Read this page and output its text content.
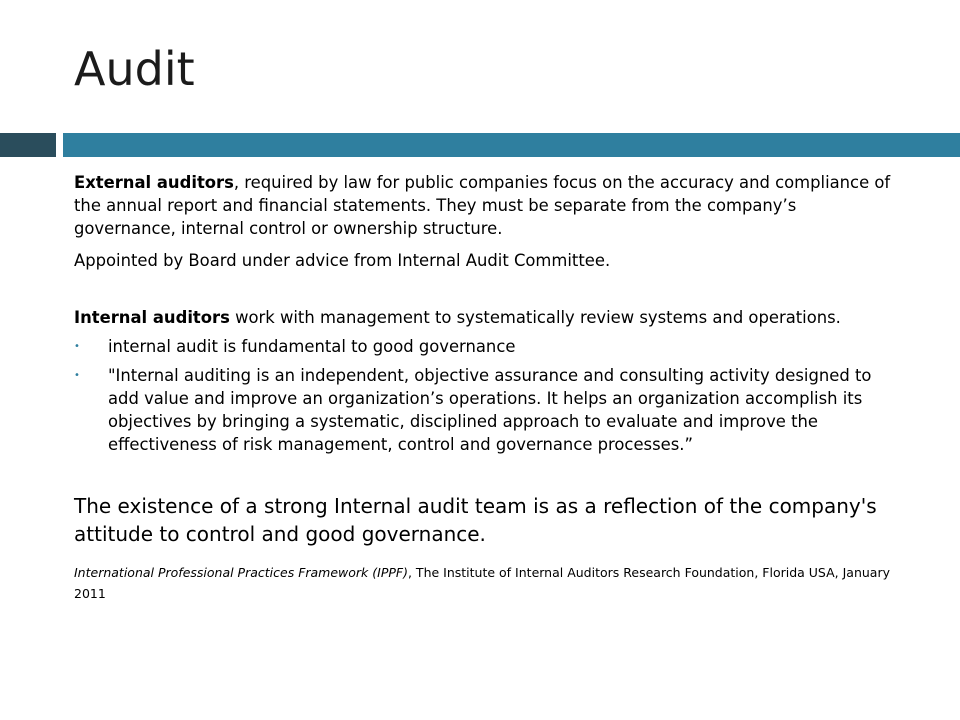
Audit

External auditors, required by law for public companies focus on the accuracy and compliance of the annual report and financial statements. They must be separate from the company’s governance, internal control or ownership structure.

Appointed by Board under advice from Internal Audit Committee.

Internal auditors work with management to systematically review systems and operations.

• internal audit is fundamental to good governance
• "Internal auditing is an independent, objective assurance and consulting activity designed to add value and improve an organization’s operations. It helps an organization accomplish its objectives by bringing a systematic, disciplined approach to evaluate and improve the effectiveness of risk management, control and governance processes.”

The existence of a strong Internal audit team is as a reflection of the company's attitude to control and good governance.

International Professional Practices Framework (IPPF), The Institute of Internal Auditors Research Foundation, Florida USA, January 2011
